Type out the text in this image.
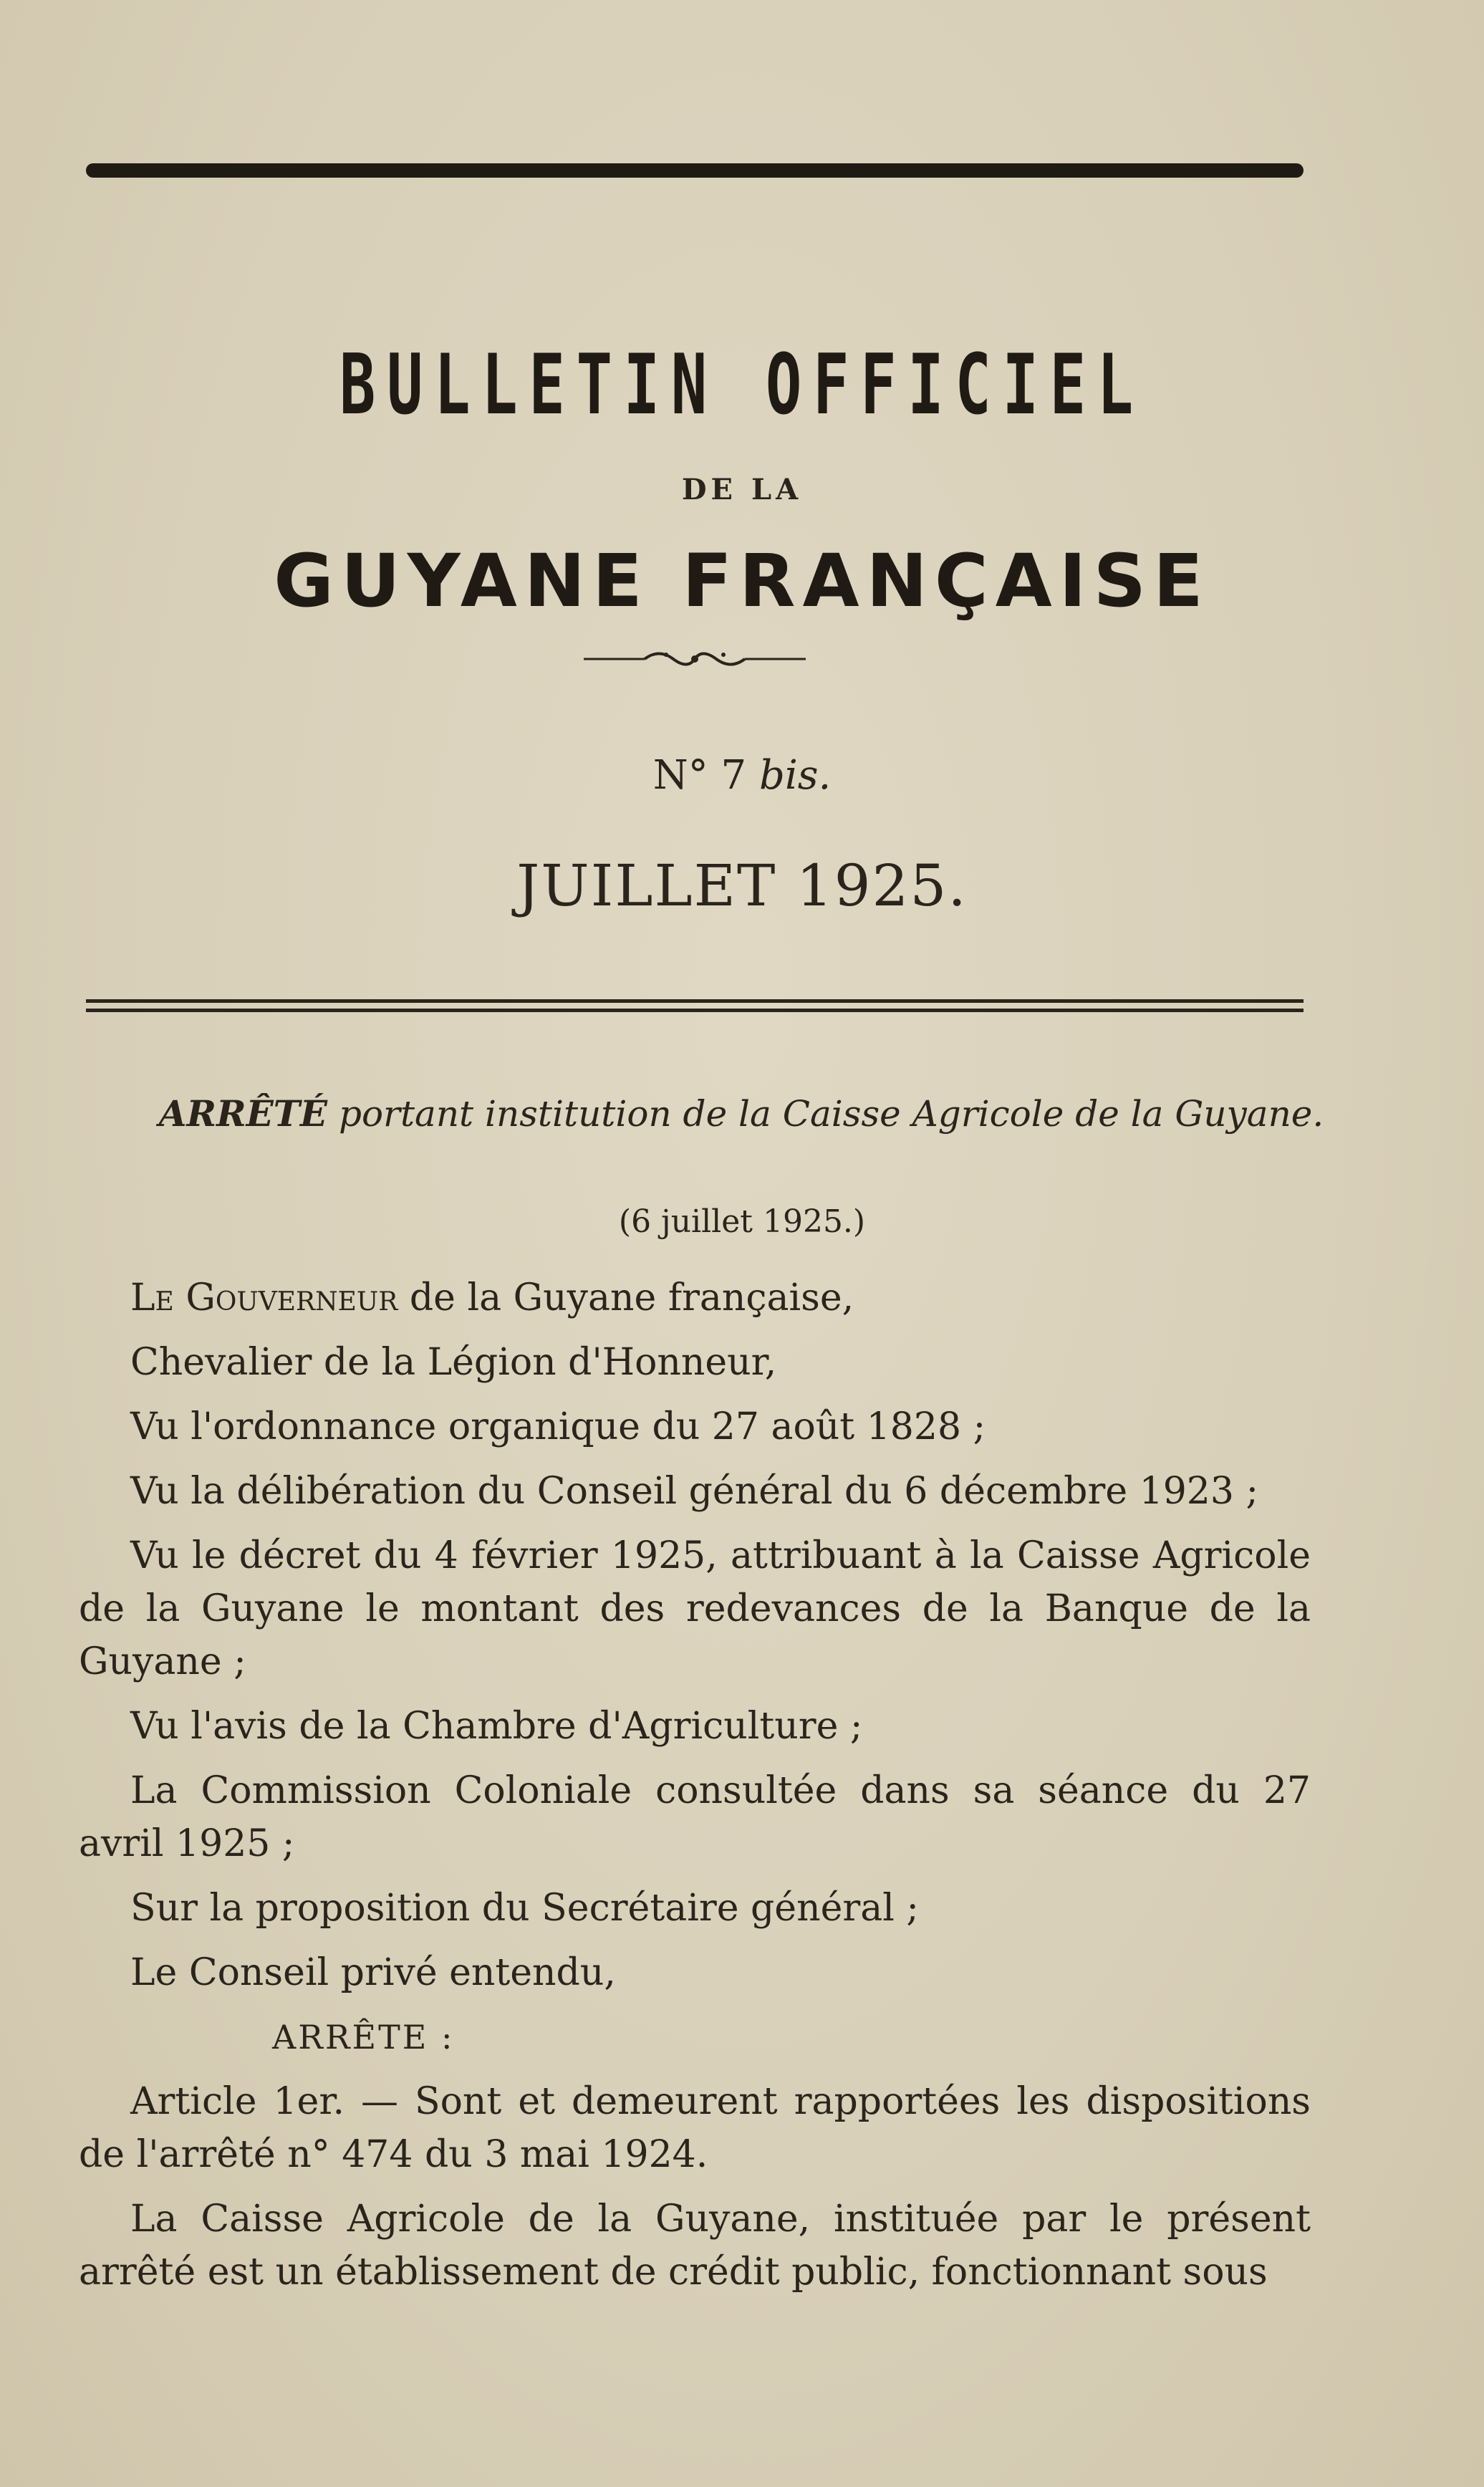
BULLETIN OFFICIEL
DE LA
GUYANE FRANÇAISE
N° 7 bis.
JUILLET 1925.
ARRÊTÉ portant institution de la Caisse Agricole de la Guyane.
(6 juillet 1925.)

Le Gouverneur de la Guyane française,

Chevalier de la Légion d'Honneur,

Vu l'ordonnance organique du 27 août 1828 ;

Vu la délibération du Conseil général du 6 décembre 1923 ;

Vu le décret du 4 février 1925, attribuant à la Caisse Agricole de la Guyane le montant des redevances de la Banque de la Guyane ;

Vu l'avis de la Chambre d'Agriculture ;

La Commission Coloniale consultée dans sa séance du 27 avril 1925 ;

Sur la proposition du Secrétaire général ;

Le Conseil privé entendu,

ARRÊTE :

Article 1er. — Sont et demeurent rapportées les dispositions de l'arrêté n° 474 du 3 mai 1924.

La Caisse Agricole de la Guyane, instituée par le présent arrêté est un établissement de crédit public, fonctionnant sous
